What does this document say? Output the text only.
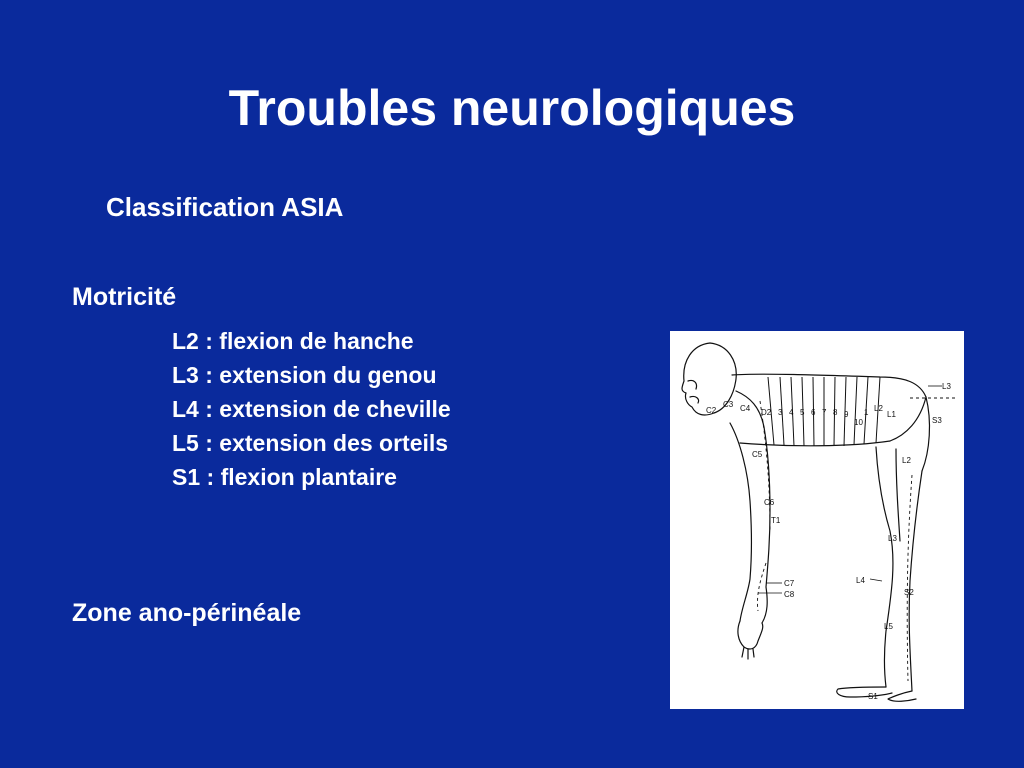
Troubles neurologiques
Classification ASIA
Motricité
L2 : flexion de hanche
L3 : extension du genou
L4 : extension de cheville
L5 : extension des orteils
S1 : flexion plantaire
Zone ano-périnéale
L3
C3 C4
C2	D2 3 4 5 6 7 8 9
10
1 L2
L1
S3
C5
C6
T1
C7
C8
L2
L3
L4
S2
L5
S1
